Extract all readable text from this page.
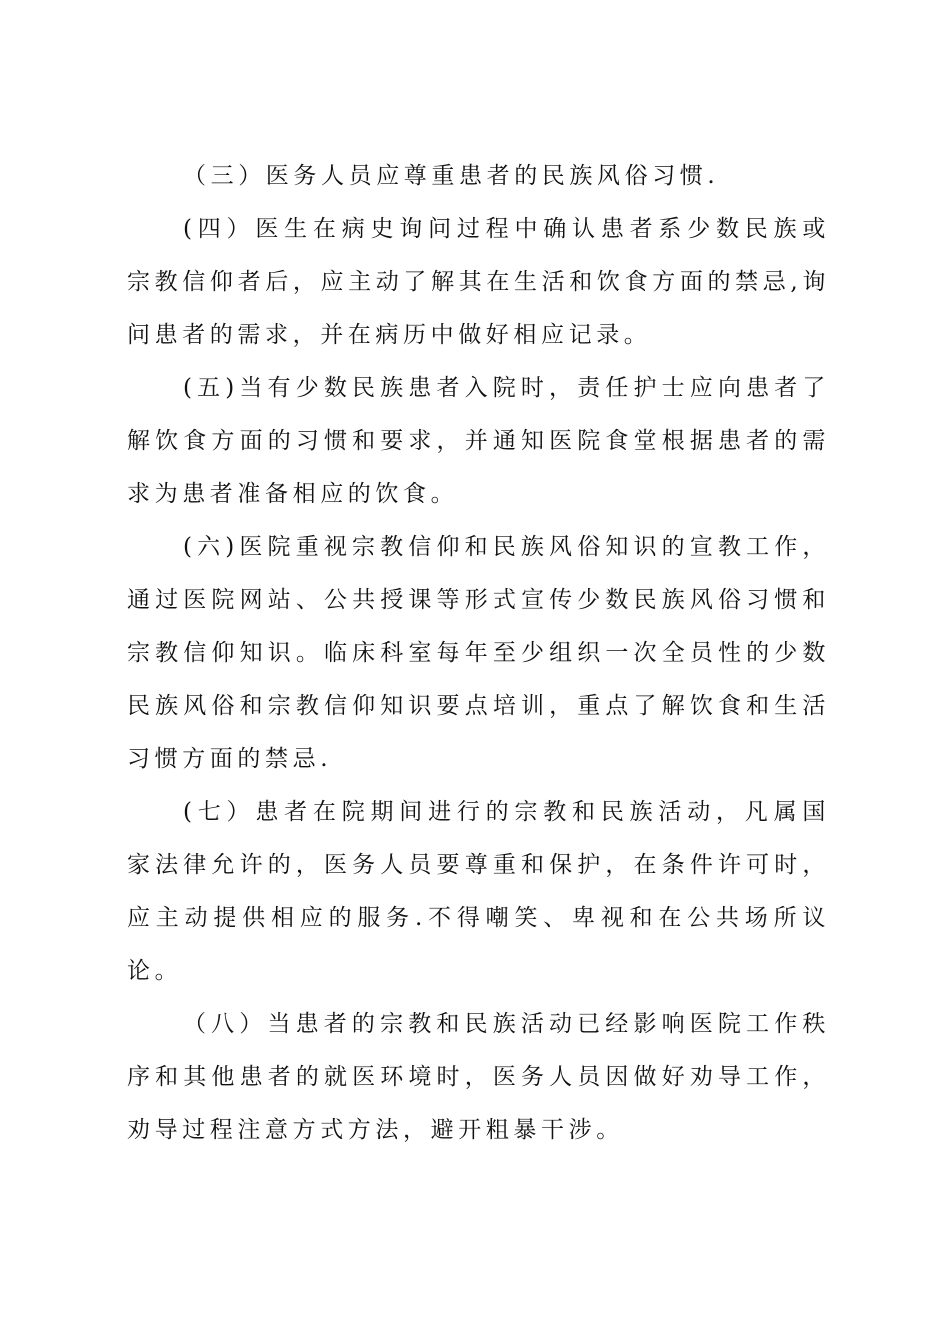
（三）医务人员应尊重患者的民族风俗习惯.

(四）医生在病史询问过程中确认患者系少数民族或宗教信仰者后，应主动了解其在生活和饮食方面的禁忌,询问患者的需求，并在病历中做好相应记录。

(五)当有少数民族患者入院时，责任护士应向患者了解饮食方面的习惯和要求，并通知医院食堂根据患者的需求为患者准备相应的饮食。

(六)医院重视宗教信仰和民族风俗知识的宣教工作，通过医院网站、公共授课等形式宣传少数民族风俗习惯和宗教信仰知识。临床科室每年至少组织一次全员性的少数民族风俗和宗教信仰知识要点培训，重点了解饮食和生活习惯方面的禁忌.

(七）患者在院期间进行的宗教和民族活动，凡属国家法律允许的，医务人员要尊重和保护，在条件许可时，应主动提供相应的服务.不得嘲笑、卑视和在公共场所议论。

（八）当患者的宗教和民族活动已经影响医院工作秩序和其他患者的就医环境时，医务人员因做好劝导工作，劝导过程注意方式方法，避开粗暴干涉。
